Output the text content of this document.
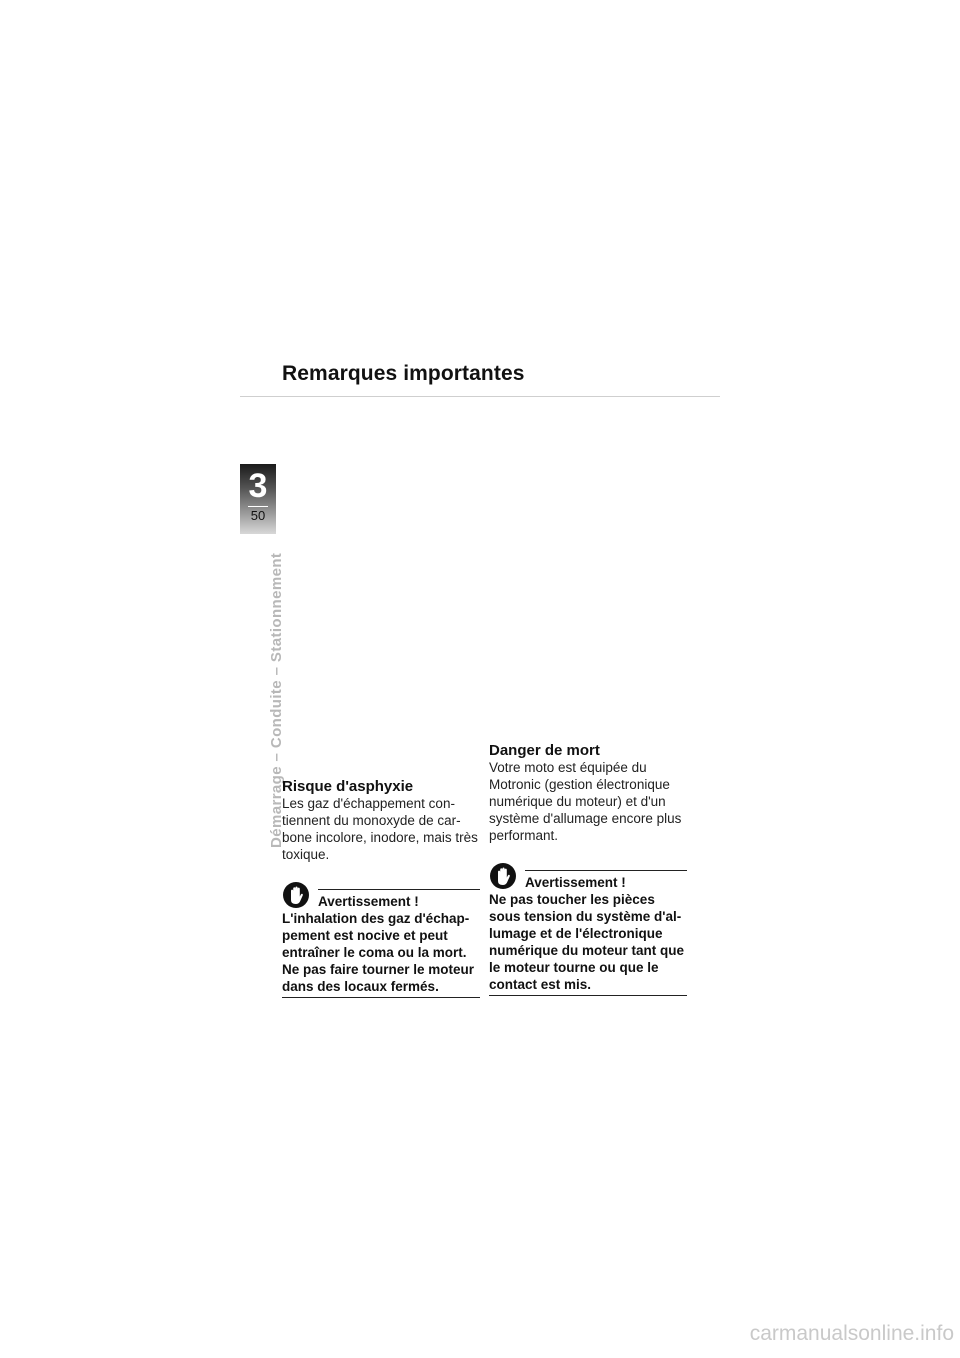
Remarques importantes
3
50
Démarrage – Conduite – Stationnement
Risque d'asphyxie

Les gaz d'échappement con-tiennent du monoxyde de car-bone incolore, inodore, mais très toxique.

Avertissement !

L'inhalation des gaz d'échap-pement est nocive et peut entraîner le coma ou la mort. Ne pas faire tourner le moteur dans des locaux fermés.

Danger de mort

Votre moto est équipée du Motronic (gestion électronique numérique du moteur) et d'un système d'allumage encore plus performant.

Avertissement !

Ne pas toucher les pièces sous tension du système d'al-lumage et de l'électronique numérique du moteur tant que le moteur tourne ou que le contact est mis.

carmanualsonline.info
